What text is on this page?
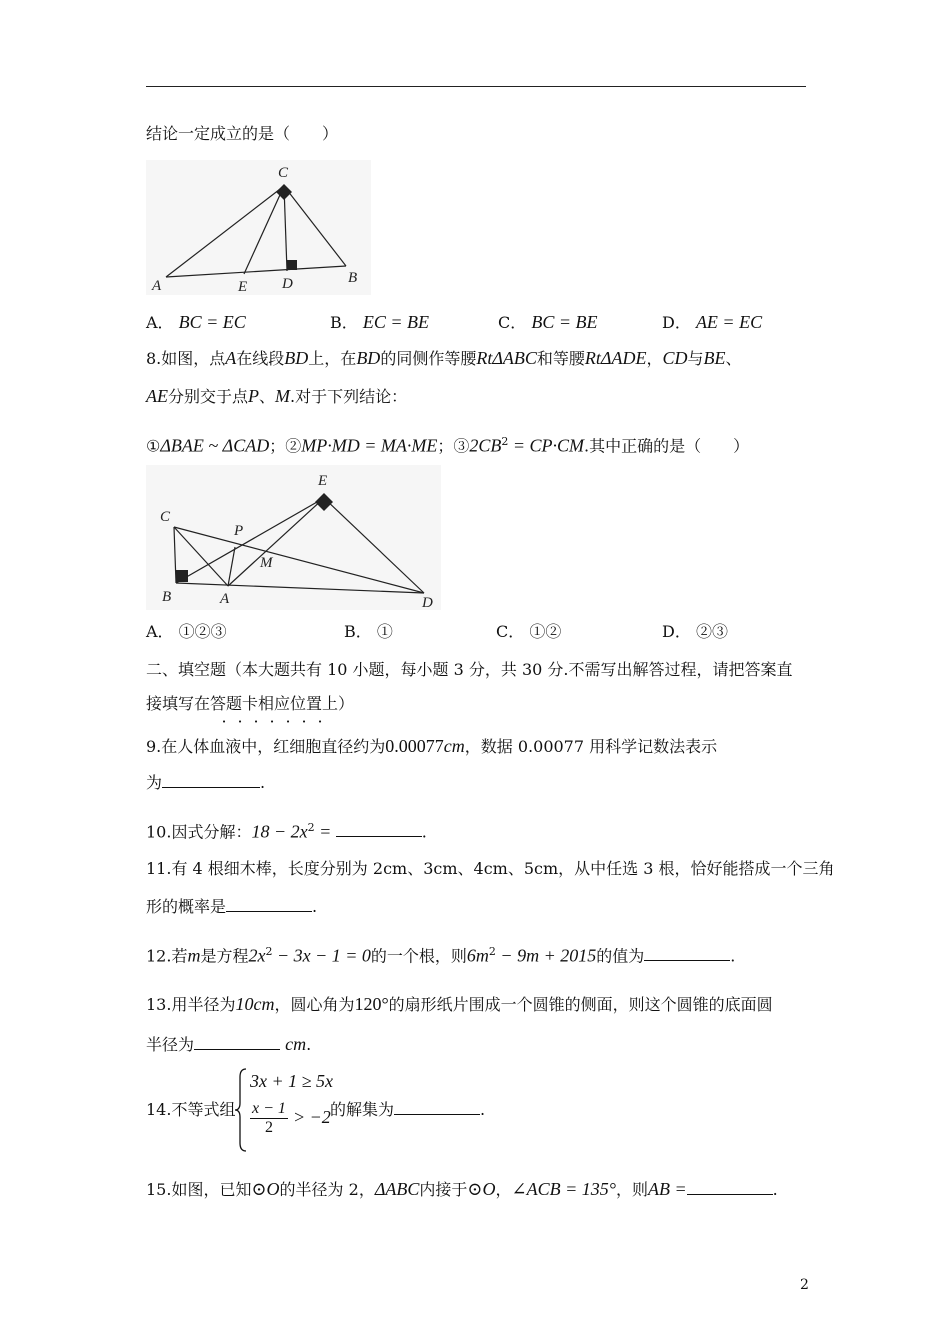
结论一定成立的是（　　）
C
A	E D	B
A． BC = EC	B． EC = BE	C． BC = BE	D． AE = EC
8.如图，点A在线段BD上，在BD的同侧作等腰RtΔABC和等腰RtΔADE，CD与BE、
AE分别交于点P、M.对于下列结论：
①ΔBAE ~ ΔCAD；②MP·MD = MA·ME；$③2CB^2 = CP\cdot CM$.其中正确的是（　　）
C
P
E
M
B	A	D
A． ①②③	B． ①	C． ①②	D． ②③
二、填空题（本大题共有 10 小题，每小题 3 分，共 30 分.不需写出解答过程，请把答案直
接填写在答题卡相应位置上）
· · · · · · ·
9.在人体血液中，红细胞直径约为0.00077cm，数据 0.00077 用科学记数法表示
为	.
10.因式分解：$18 - 2x^2$ =	.
11.有 4 根细木棒，长度分别为 2cm、3cm、4cm、5cm，从中任选 3 根，恰好能搭成一个三角
形的概率是	.
12.若m是方程$2x^2 - 3x - 1 = 0$的一个根，则$6m^2 - 9m + 2015$的值为	.
13.用半径为10cm，圆心角为120°的扇形纸片围成一个圆锥的侧面，则这个圆锥的底面圆
半径为	cm.
14.不等式组
3x + 1 ≥ 5x
$\frac{x - 1}{2} > -2$ 的解集为	.
15.如图，已知⊙O的半径为 2，ΔABC内接于⊙O，∠ACB = 135°，则AB =	.
2
